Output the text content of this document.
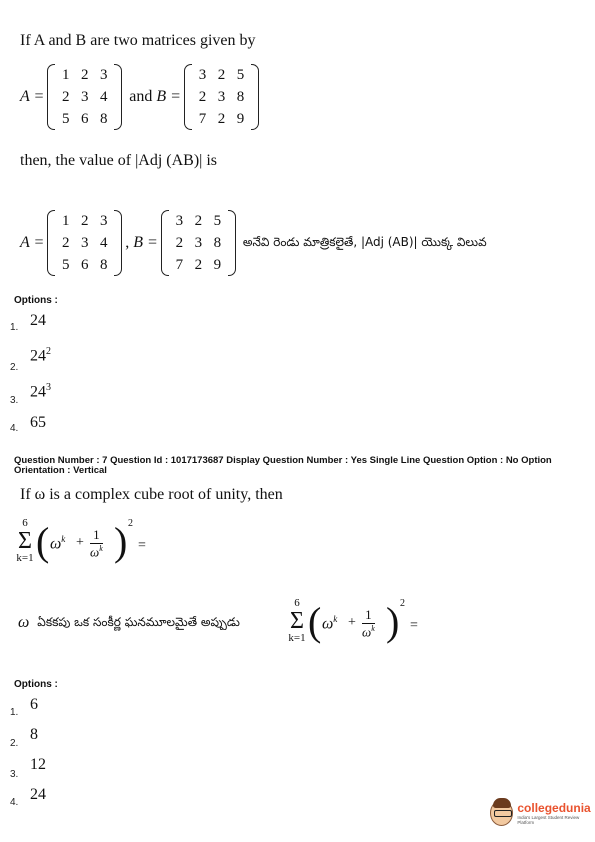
If A and B are two matrices given by
A =
1	2	3
2	3	4
5	6	8
and B =
3	2	5
2	3	8
7	2	9
then, the value of |Adj (AB)| is
A =
1	2	3
2	3	4
5	6	8
, B =
3	2	5
2	3	8
7	2	9
అనేవి రెండు మాత్రికలైతే, |Adj (AB)| యొక్క విలువ
Options :
1. 24
2.
$24^2$
3.
$24^3$
4. 65
Question Number : 7 Question Id : 1017173687 Display Question Number : Yes Single Line Question Option : No Option Orientation : Vertical
If ω is a complex cube root of unity, then
6
Σ
k=1 ( $\omega^k + \frac{1}{\omega^k}$ ) 2
=
ω ఏకకపు ఒక సంకీర్ణ ఘనమూలమైతే అప్పుడు
6
Σ
k=1 ( $\omega^k + \frac{1}{\omega^k}$ ) 2
=
Options :
1. 6
2.
8
3.
12
4. 24
collegedunia
India's Largest Student Review Platform
